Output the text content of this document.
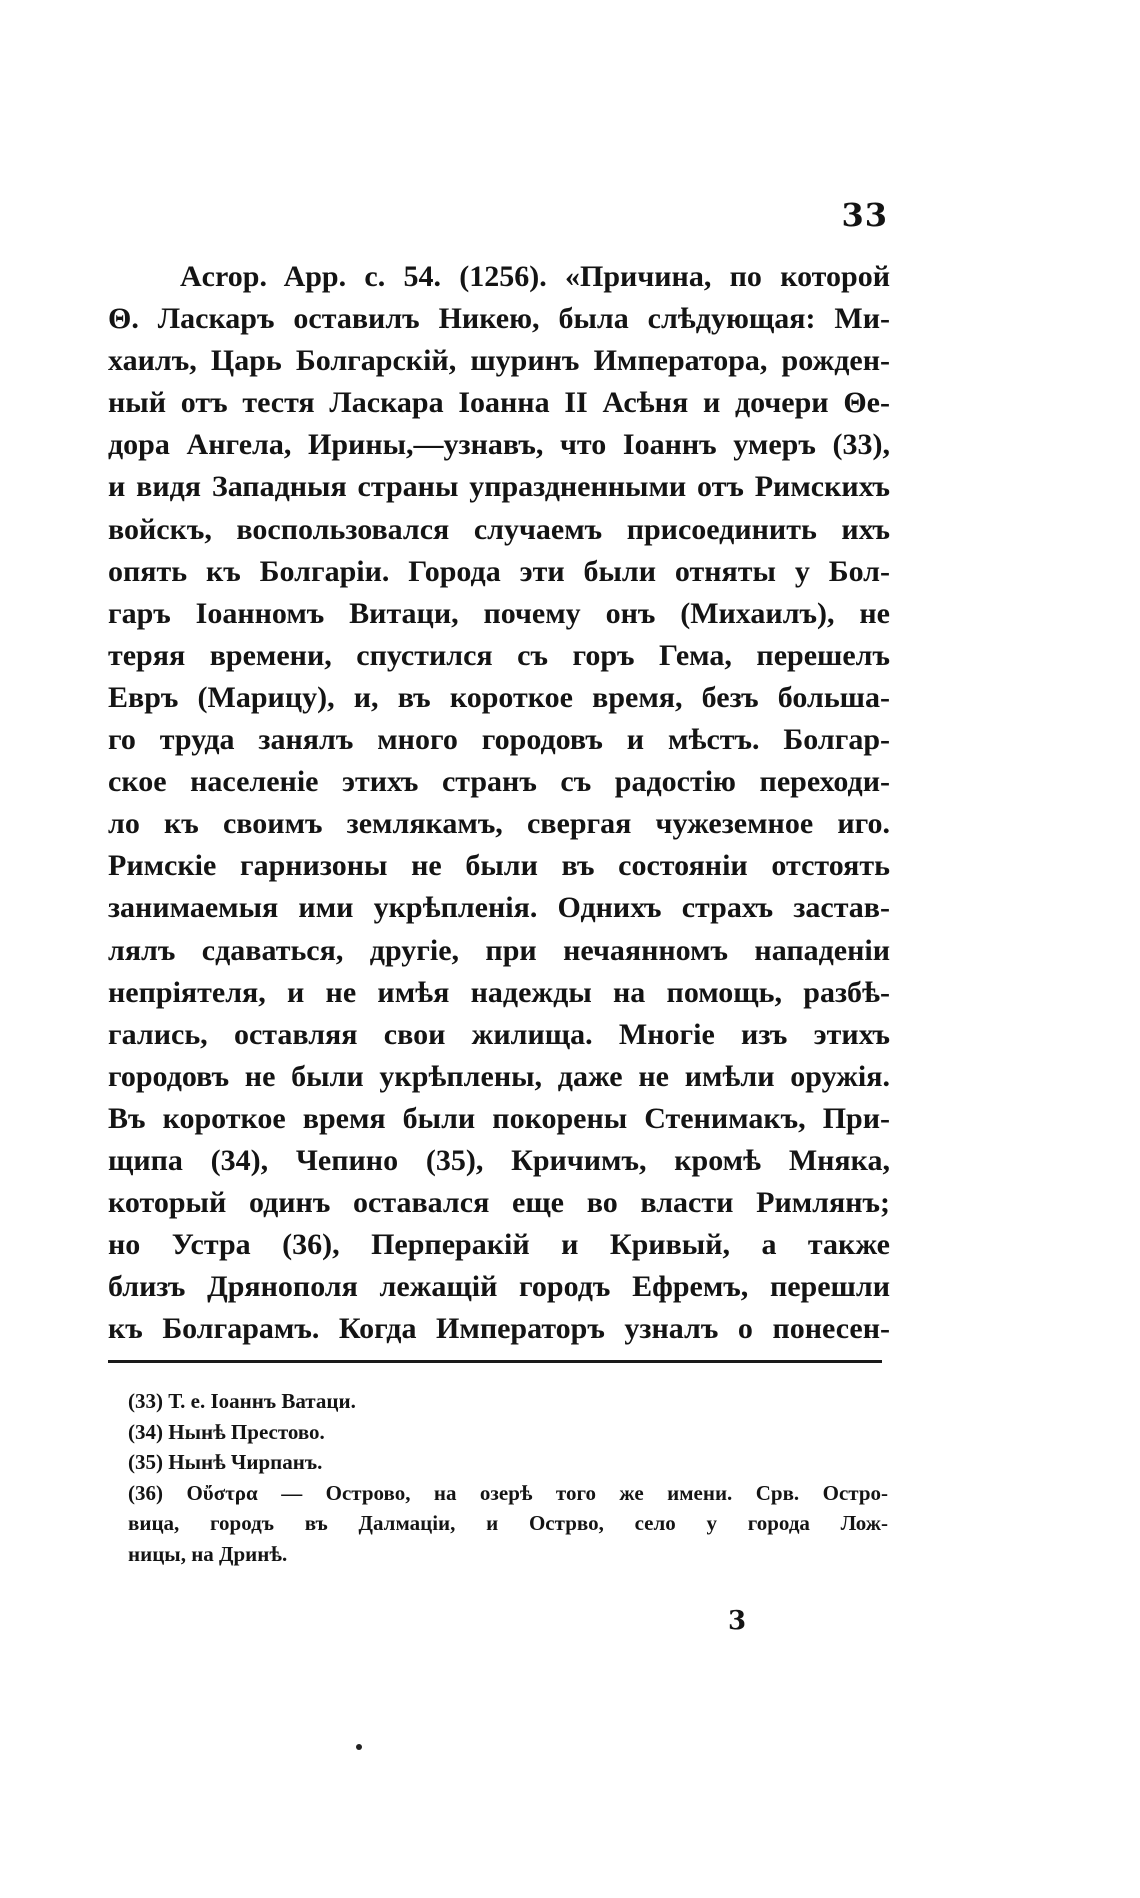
33
Acrop. App. c. 54. (1256). «Причина, по которой
Θ. Ласкаръ оставилъ Никею, была слѣдующая: Ми-
хаилъ, Царь Болгарскій, шуринъ Императора, рожден-
ный отъ тестя Ласкара Іоанна II Асѣня и дочери Θе-
дора Ангела, Ирины,—узнавъ, что Іоаннъ умеръ (33),
и видя Западныя страны упраздненными отъ Римскихъ
войскъ, воспользовался случаемъ присоединить ихъ
опять къ Болгаріи. Города эти были отняты у Бол-
гаръ Іоанномъ Витаци, почему онъ (Михаилъ), не
теряя времени, спустился съ горъ Гема, перешелъ
Евръ (Марицу), и, въ короткое время, безъ большa-
го труда занялъ много городовъ и мѣстъ. Болгар-
ское населеніе этихъ странъ съ радостію переходи-
ло къ своимъ землякамъ, свергая чужеземное иго.
Римскіе гарнизоны не были въ состояніи отстоять
занимаемыя ими укрѣпленія. Однихъ страхъ застав-
лялъ сдаваться, другіе, при нечаянномъ нападеніи
непріятеля, и не имѣя надежды на помощь, разбѣ-
гались, оставляя свои жилища. Многіе изъ этихъ
городовъ не были укрѣплены, даже не имѣли оружія.
Въ короткое время были покорены Стенимакъ, При-
щипа (34), Чепино (35), Кричимъ, кромѣ Мняка,
который одинъ оставался еще во власти Римлянъ;
но Устра (36), Перперакій и Кривый, а также
близъ Дрянополя лежащій городъ Ефремъ, перешли
къ Болгарамъ. Когда Императоръ узналъ о понесен-
(33) Т. е. Іоаннъ Ватаци.
(34) Нынѣ Престово.
(35) Нынѣ Чирпанъ.
(36) Οὔστρα — Острово, на озерѣ того же имени. Срв. Остро-
вица, городъ въ Далмаціи, и Острво, село у города Лож-
ницы, на Дринѣ.
3
